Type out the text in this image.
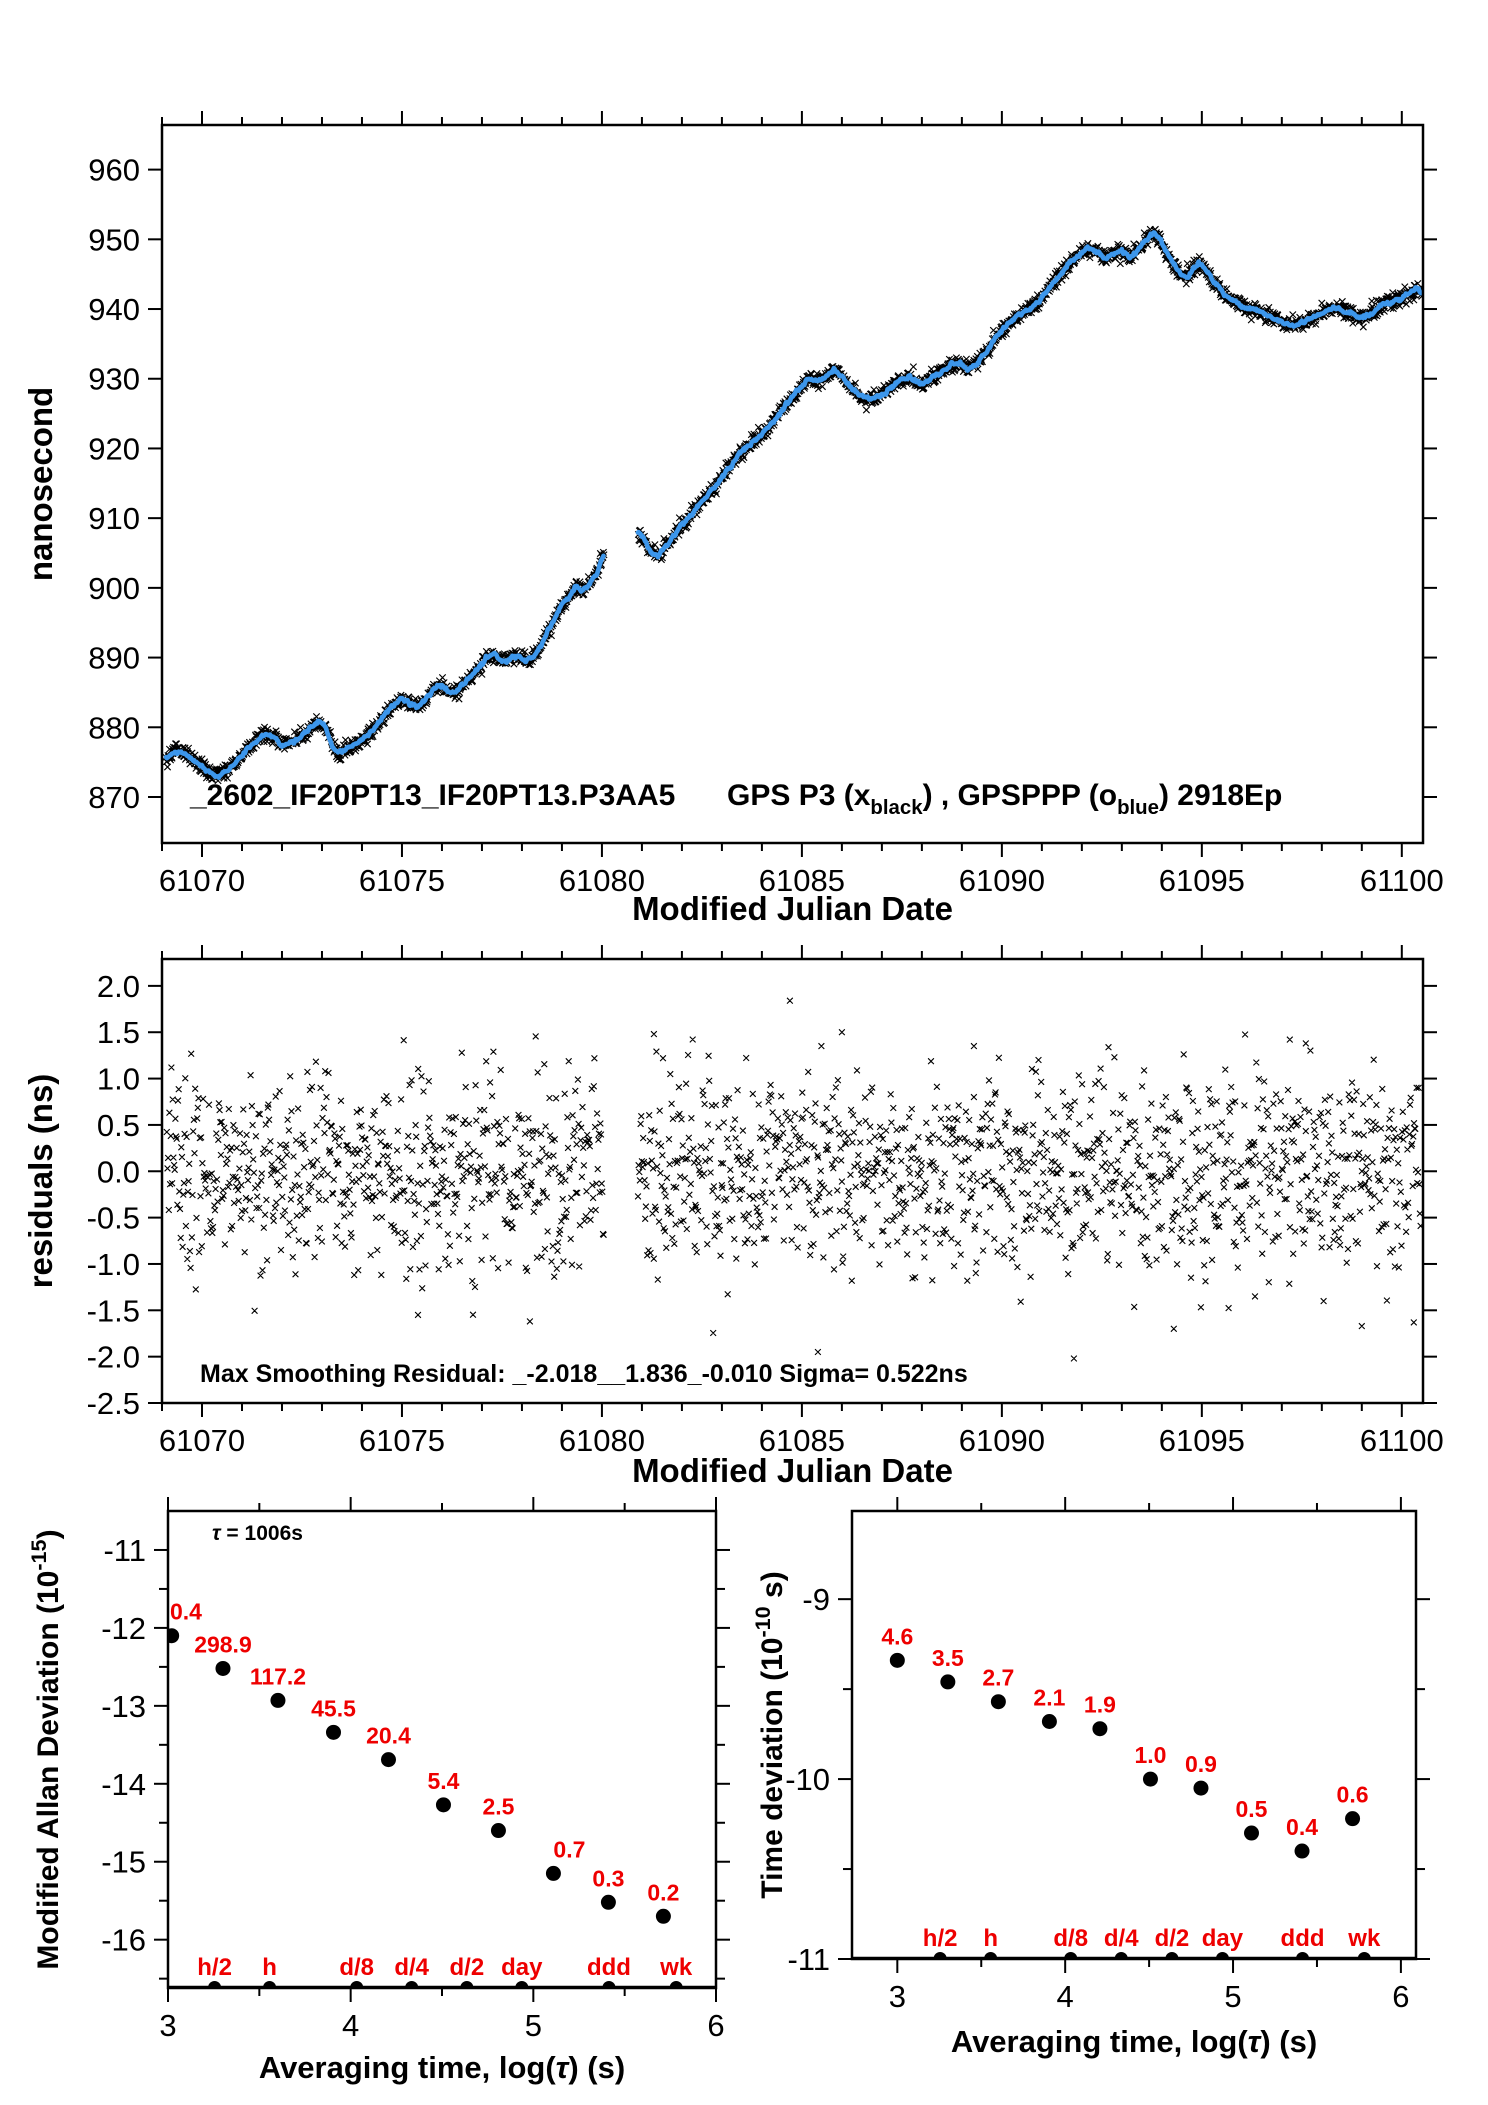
61070	61075	61080	61085	61090	61095	61100
870
880
890
900
910
920
930
940
950
960
_2602_IF20PT13_IF20PT13.P3AA5 GPS P3 $(x_{black})$ , GPSPPP $(o_{blue})$ 2918Ep
Modified Julian Date
nanosecond
61070	61075	61080	61085	61090	61095	61100
2.0
1.5
1.0
0.5
0.0
-0.5
-1.0
-1.5
-2.0
-2.5
Max Smoothing Residual: _-2.018__1.836_-0.010 Sigma= 0.522ns
Modified Julian Date
residuals (ns)
h/2 h	d/8 d/4 d/2 day ddd wk
0.4
298.9
117.2
45.5
20.4
5.4
2.5
0.7
0.3
0.2
3	4	5	6
-11
-12
-13
-14
-15
-16
τ = 1006s
Averaging time, log(τ) (s)
Modified Allan Deviation $(10^{-15})$
h/2 h d/8 d/4 d/2 day ddd wk
4.6
3.5
2.7
2.1 1.9
1.0 0.9
0.5
0.4
0.6
3	4	5	6
-9
-10
-11
Averaging time, log(τ) (s)
Time deviation ($10^{-10}$ s)
